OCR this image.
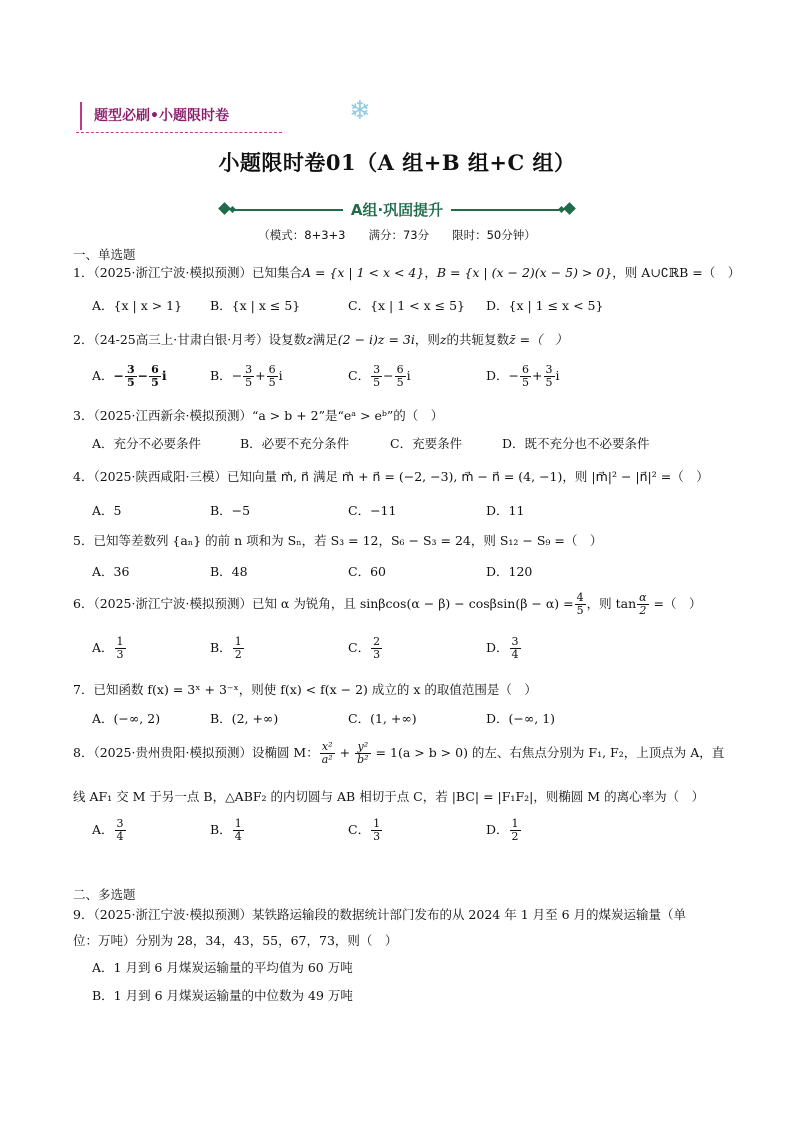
题型必刷•小题限时卷	❄
小题限时卷01（A 组+B 组+C 组）
A组·巩固提升
（模式：8+3+3　　满分：73分　　限时：50分钟）
一、单选题
1．（2025·浙江宁波·模拟预测）已知集合A = {x | 1 < x < 4}，B = {x | (x − 2)(x − 5) > 0}，则 A∪∁ℝB =（　）
A．{x | x > 1} B．{x | x ≤ 5}	C．{x | 1 < x ≤ 5} D．{x | 1 ≤ x < 5}
2．（24-25高三上·甘肃白银·月考）设复数z满足(2 − i)z = 3i，则z的共轭复数z̄ =（　）
A．− $\frac{3}{5} - \frac{6}{5}$ i	B．− $\frac{3}{5} + \frac{6}{5}$ i	C． $\frac{3}{5} - \frac{6}{5}$ i	D．− $\frac{6}{5} + \frac{3}{5}$ i
3．（2025·江西新余·模拟预测）“a > b + 2”是“eᵃ > eᵇ”的（　）
A．充分不必要条件	B．必要不充分条件	C．充要条件	D．既不充分也不必要条件
4．（2025·陕西咸阳·三模）已知向量 m⃗, n⃗ 满足 m⃗ + n⃗ = (−2, −3), m⃗ − n⃗ = (4, −1)，则 |m⃗|² − |n⃗|² =（　）
A．5	B．−5	C．−11	D．11
5．已知等差数列 {aₙ} 的前 n 项和为 Sₙ，若 S₃ = 12，S₆ − S₃ = 24，则 S₁₂ − S₉ =（　）
A．36	B．48	C．60	D．120
6．（2025·浙江宁波·模拟预测）已知 α 为锐角，且 $\sin\beta\cos(\alpha - \beta) - \cos\beta\sin(\beta - \alpha) = \frac{4}{5}$ ，则 $\tan \frac{\alpha}{2}$ =（　）
A． $\frac{1}{3}$	B． $\frac{1}{2}$	C． $\frac{2}{3}$	D． $\frac{3}{4}$
7．已知函数 f(x) = 3ˣ + 3⁻ˣ，则使 f(x) < f(x − 2) 成立的 x 的取值范围是（　）
A．(−∞, 2)	B．(2, +∞)	C．(1, +∞)	D．(−∞, 1)
8．（2025·贵州贵阳·模拟预测）设椭圆 M： $\frac{\text{x²}}{\text{a²}} + \frac{\text{y²}}{\text{b²}} = 1(a > b > 0)$ 的左、右焦点分别为 F₁, F₂，上顶点为 A，直
线 AF₁ 交 M 于另一点 B，△ABF₂ 的内切圆与 AB 相切于点 C，若 |BC| = |F₁F₂|，则椭圆 M 的离心率为（　）
A． $\frac{3}{4}$	B． $\frac{1}{4}$	C． $\frac{1}{3}$	D． $\frac{1}{2}$
二、多选题
9．（2025·浙江宁波·模拟预测）某铁路运输段的数据统计部门发布的从 2024 年 1 月至 6 月的煤炭运输量（单
位：万吨）分别为 28，34，43，55，67，73，则（　）
A．1 月到 6 月煤炭运输量的平均值为 60 万吨
B．1 月到 6 月煤炭运输量的中位数为 49 万吨
